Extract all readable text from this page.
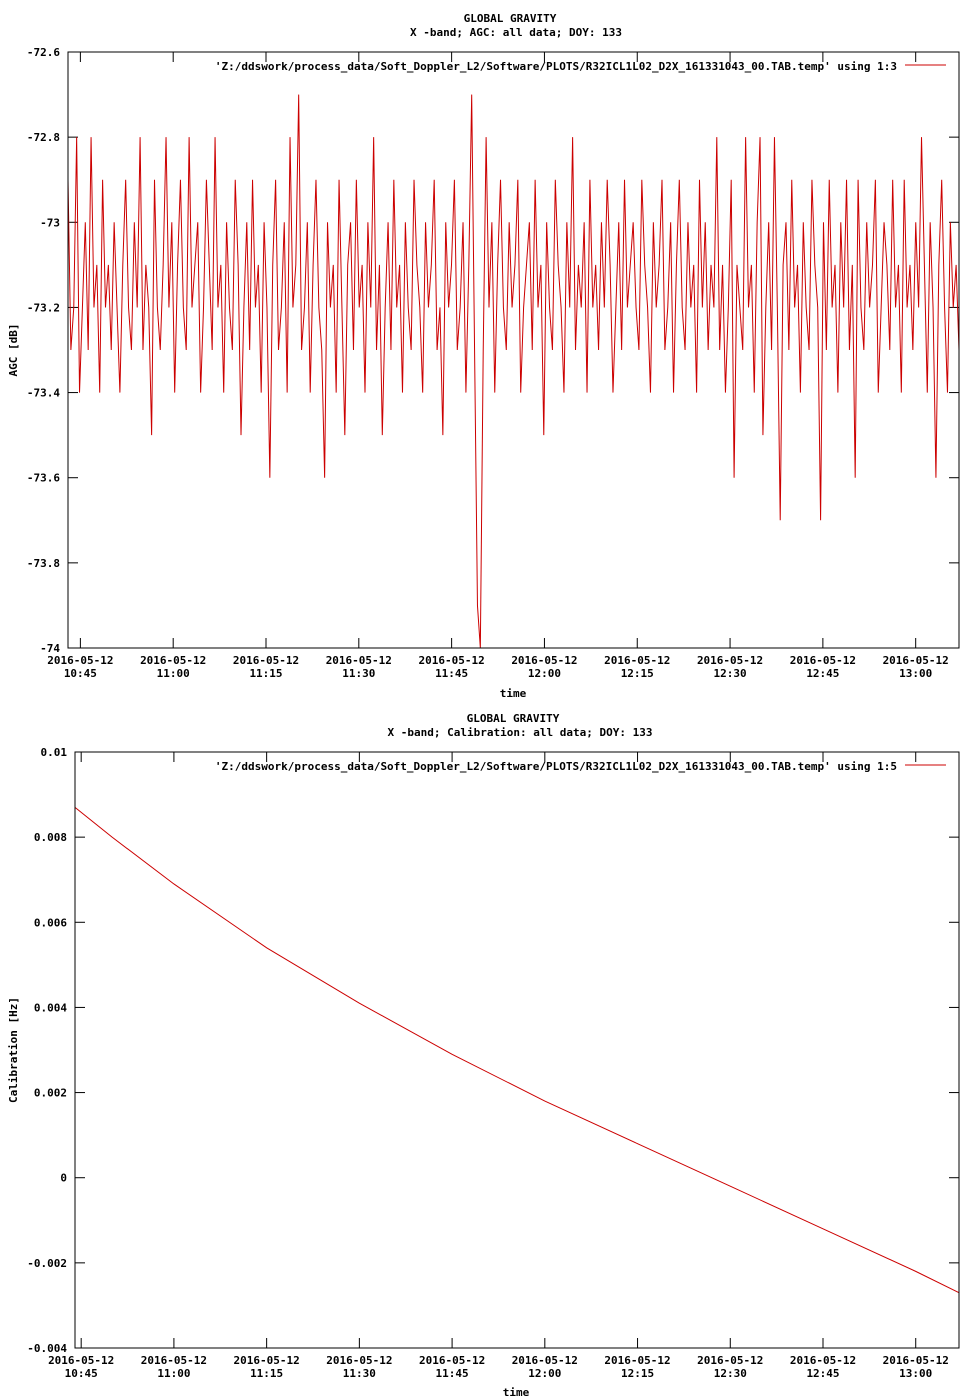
GLOBAL GRAVITY
X -band; AGC: all data; DOY: 133
AGC [dB]
time
'Z:/ddswork/process_data/Soft_Doppler_L2/Software/PLOTS/R32ICL1L02_D2X_161331043_00.TAB.temp' using 1:3
-74
-73.8
-73.6
-73.4
-73.2
-73
-72.8
-72.6
2016-05-12
10:45
2016-05-12
11:00
2016-05-12
11:15
2016-05-12
11:30
2016-05-12
11:45
2016-05-12
12:00
2016-05-12
12:15
2016-05-12
12:30
2016-05-12
12:45
2016-05-12
13:00
GLOBAL GRAVITY
X -band; Calibration: all data; DOY: 133
Calibration [Hz]
time
'Z:/ddswork/process_data/Soft_Doppler_L2/Software/PLOTS/R32ICL1L02_D2X_161331043_00.TAB.temp' using 1:5
-0.004
-0.002
0
0.002
0.004
0.006
0.008
0.01
2016-05-12
10:45
2016-05-12
11:00
2016-05-12
11:15
2016-05-12
11:30
2016-05-12
11:45
2016-05-12
12:00
2016-05-12
12:15
2016-05-12
12:30
2016-05-12
12:45
2016-05-12
13:00
